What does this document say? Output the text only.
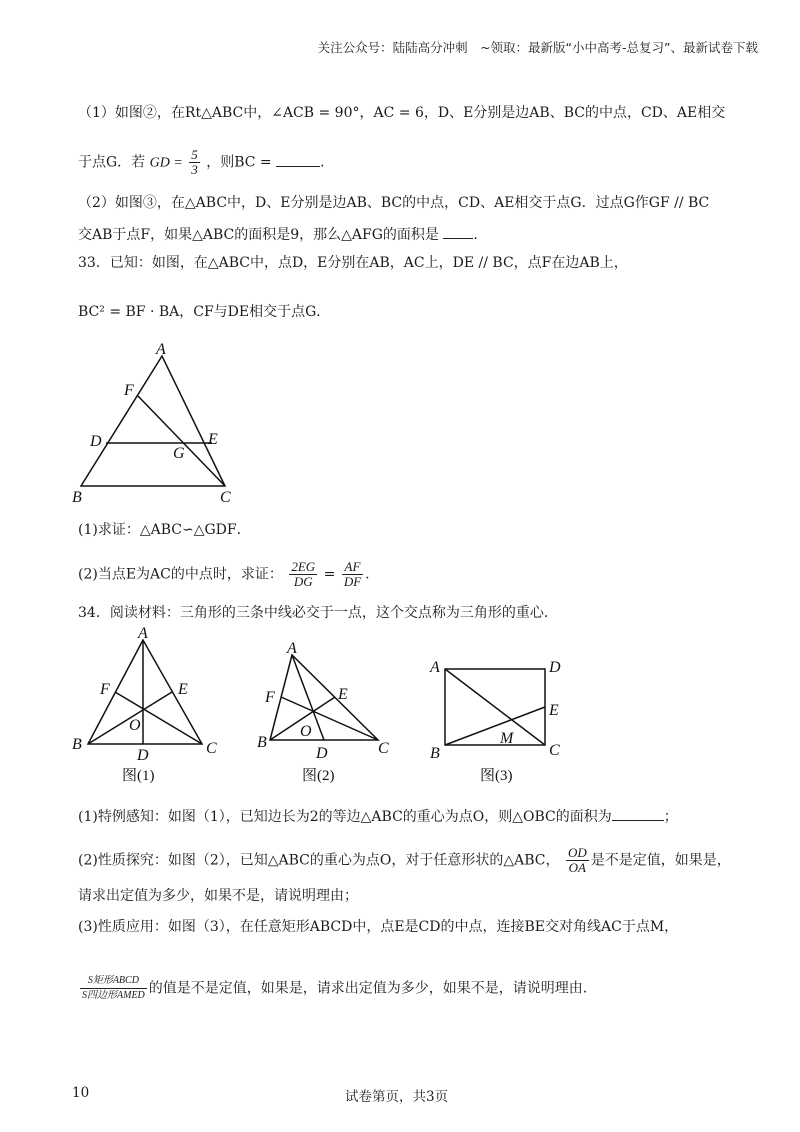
关注公众号：陆陆高分冲刺　~领取：最新版“小中高考-总复习”、最新试卷下载
（1）如图②，在Rt△ABC中，∠ACB = 90°，AC = 6，D、E分别是边AB、BC的中点，CD、AE相交
于点G．若 GD = $\frac{5}{3}$ ，则BC =	.
（2）如图③，在△ABC中，D、E分别是边AB、BC的中点，CD、AE相交于点G．过点G作GF // BC
交AB于点F，如果△ABC的面积是9，那么△AFG的面积是 .
33．已知：如图，在△ABC中，点D，E分别在AB，AC上，DE // BC，点F在边AB上，
BC² = BF · BA，CF与DE相交于点G．
A
F
D	E
G
B	C
(1)求证：△ABC∽△GDF．
(2)当点E为AC的中点时，求证： $\frac{2EG}{DG} = \frac{AF}{DF}$ .
34．阅读材料：三角形的三条中线必交于一点，这个交点称为三角形的重心．
A
F	E
O
B
D	C
图(1)
A
F	E
O
B
D	C
图(2)
A	D
E
M
B	C
图(3)
(1)特例感知：如图（1），已知边长为2的等边△ABC的重心为点O，则△OBC的面积为	；
(2)性质探究：如图（2），已知△ABC的重心为点O，对于任意形状的△ABC， $\frac{OD}{OA}$ 是不是定值，如果是，
请求出定值为多少，如果不是，请说明理由；
(3)性质应用：如图（3），在任意矩形ABCD中，点E是CD的中点，连接BE交对角线AC于点M，
$\frac{\text{S矩形ABCD}}{\text{S四边形AMED}}$ 的值是不是定值，如果是，请求出定值为多少，如果不是，请说明理由.
10	试卷第页，共3页
